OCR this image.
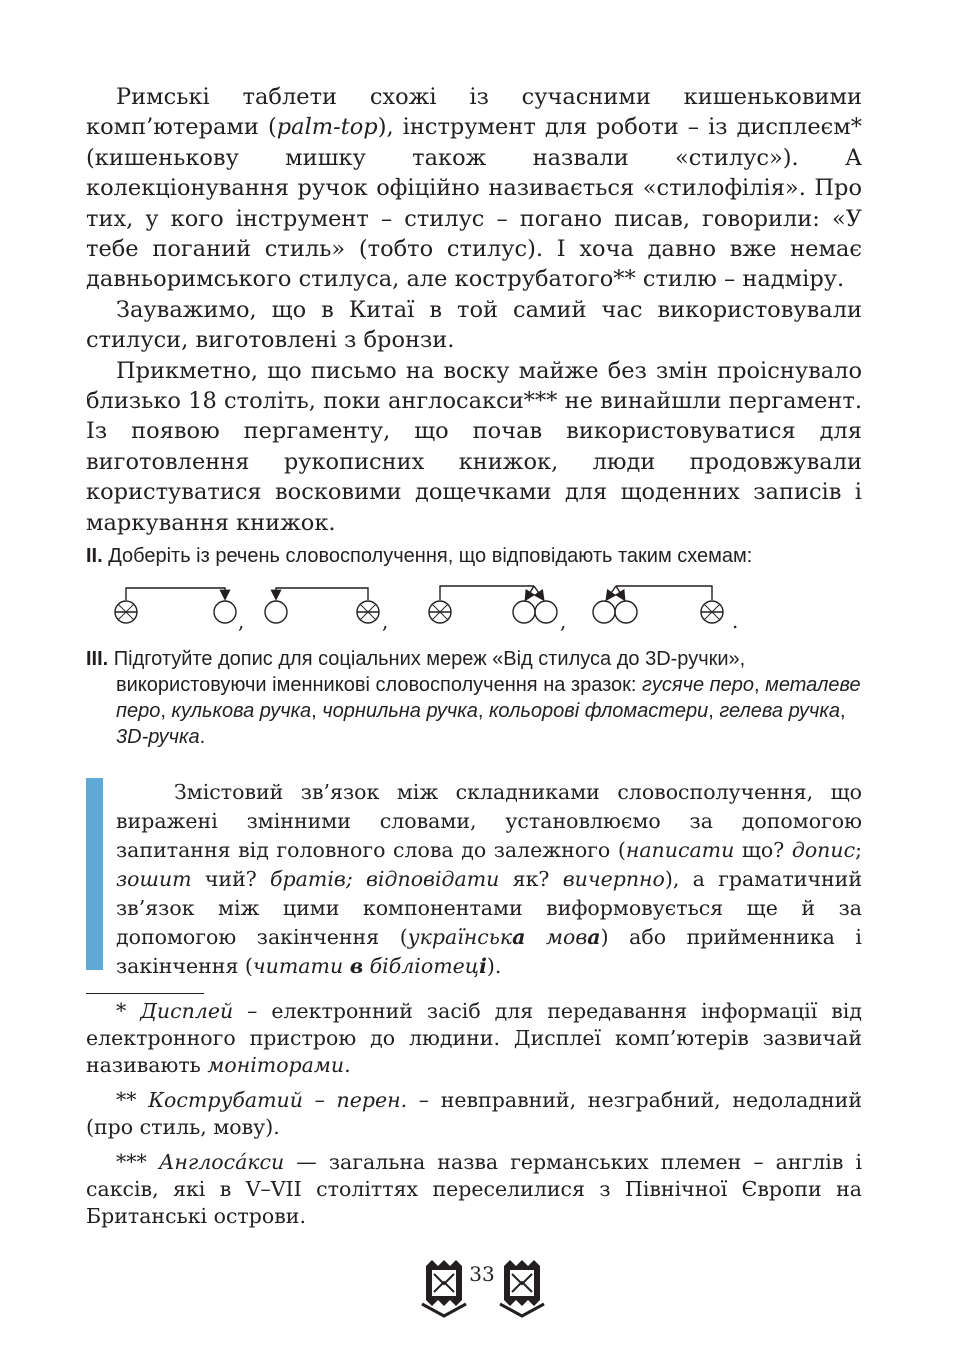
Римські таблети схожі із сучасними кишеньковими комп’ютерами (palm-top), інструмент для роботи – із дисплеєм* (кишенькову мишку також назвали «стилус»). А колекціонування ручок офіційно називається «стилофілія». Про тих, у кого інструмент – стилус – погано писав, говорили: «У тебе поганий стиль» (тобто стилус). І хоча давно вже немає давньоримського стилуса, але кострубатого** стилю – надміру.

Зауважимо, що в Китаї в той самий час використовували стилуси, виготовлені з бронзи.

Прикметно, що письмо на воску майже без змін проіснувало близько 18 століть, поки англосакси*** не винайшли пергамент. Із появою пергаменту, що почав використовуватися для виготовлення рукописних книжок, люди продовжували користуватися восковими дощечками для щоденних записів і маркування книжок.

II. Доберіть із речень словосполучення, що відповідають таким схемам:
,	,	,	.
III. Підготуйте допис для соціальних мереж «Від стилуса до 3D-ручки», використовуючи іменникові словосполучення на зразок: гусяче перо, металеве перо, кулькова ручка, чорнильна ручка, кольорові фломастери, гелева ручка, 3D-ручка.

Змістовий зв’язок між складниками словосполучення, що виражені змінними словами, установлюємо за допомогою запитання від головного слова до залежного (написати що? допис; зошит чий? братів; відповідати як? вичерпно), а граматичний зв’язок між цими компонентами виформовується ще й за допомогою закінчення (українська мова) або прийменника і закінчення (читати в бібліотеці).

* Дисплей – електронний засіб для передавання інформації від електронного пристрою до людини. Дисплеї комп’ютерів зазвичай називають моніторами.

** Кострубатий – перен. – невправний, незграбний, недоладний (про стиль, мову).

*** Англоса́кси — загальна назва германських племен – англів і саксів, які в V–VII століттях переселилися з Північної Європи на Британські острови.

33
